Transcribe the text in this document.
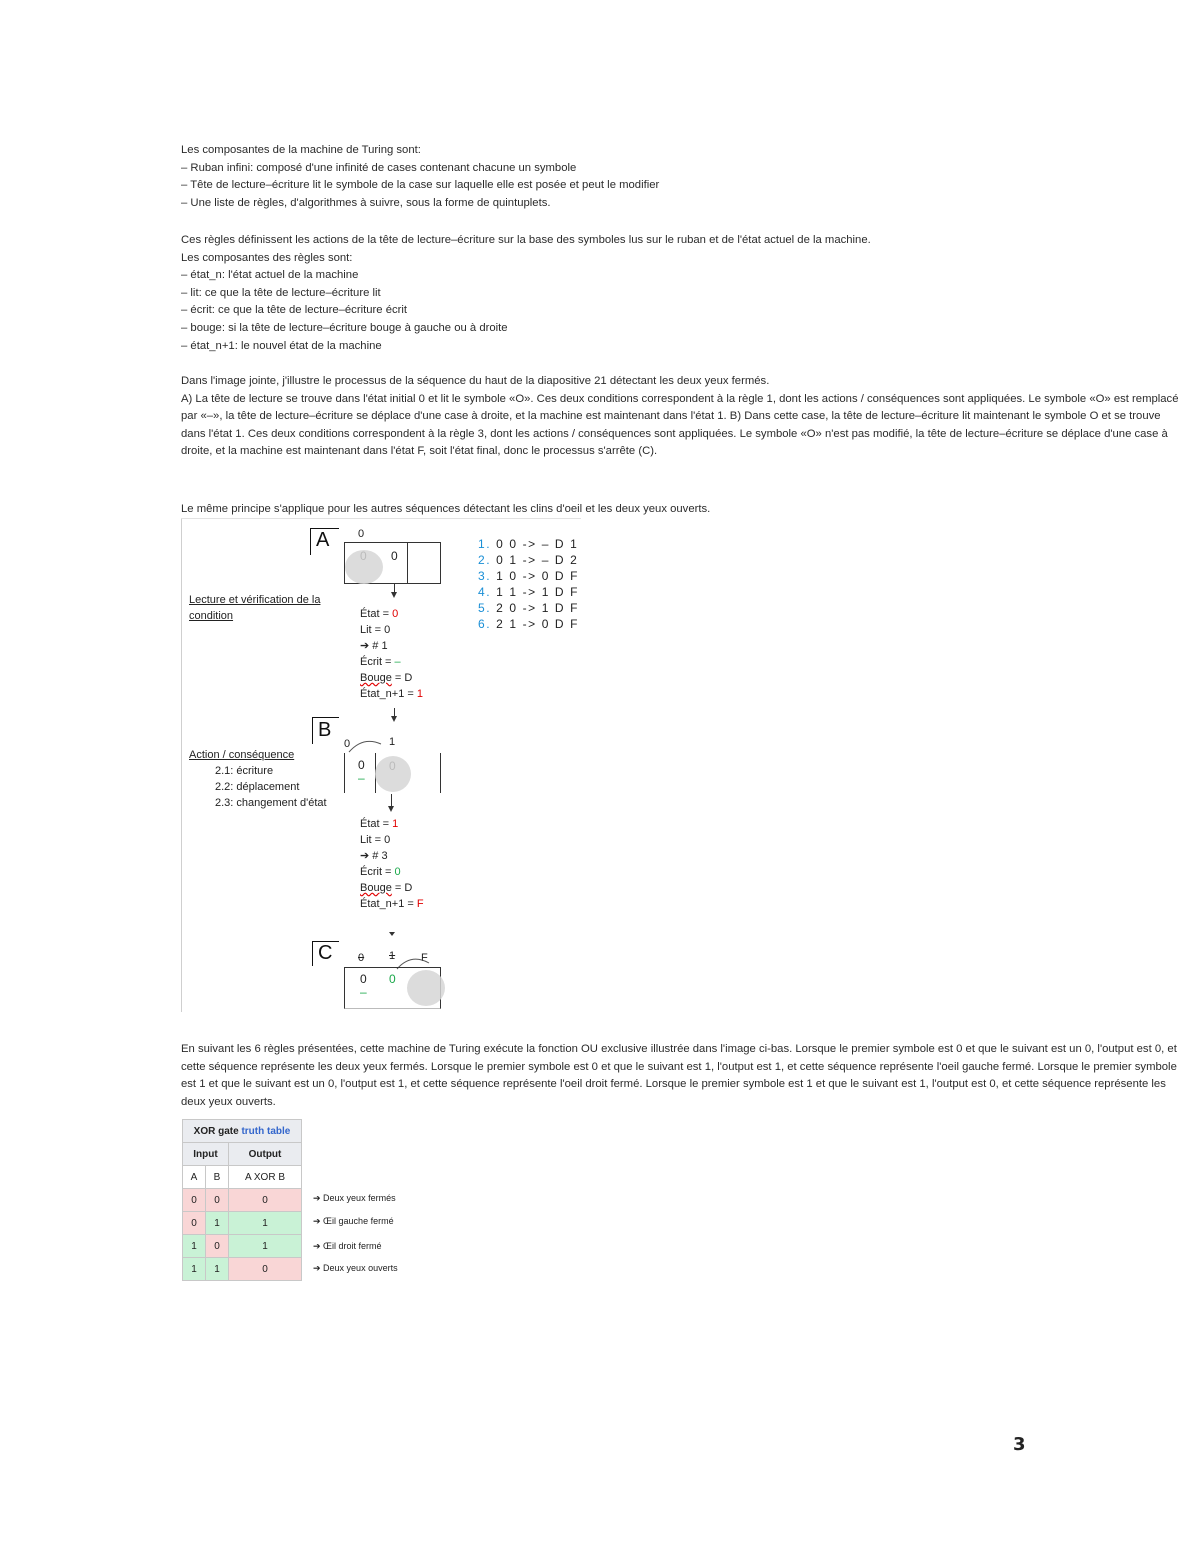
Les composantes de la machine de Turing sont:
– Ruban infini: composé d'une infinité de cases contenant chacune un symbole
– Tête de lecture–écriture lit le symbole de la case sur laquelle elle est posée et peut le modifier
– Une liste de règles, d'algorithmes à suivre, sous la forme de quintuplets.
Ces règles définissent les actions de la tête de lecture–écriture sur la base des symboles lus sur le ruban et de l'état actuel de la machine.
Les composantes des règles sont:
– état_n: l'état actuel de la machine
– lit: ce que la tête de lecture–écriture lit
– écrit: ce que la tête de lecture–écriture écrit
– bouge: si la tête de lecture–écriture bouge à gauche ou à droite
– état_n+1: le nouvel état de la machine
Dans l'image jointe, j'illustre le processus de la séquence du haut de la diapositive 21 détectant les deux yeux fermés.
A) La tête de lecture se trouve dans l'état initial 0 et lit le symbole «O». Ces deux conditions correspondent à la règle 1, dont les actions / conséquences sont appliquées. Le symbole «O» est remplacé par «–», la tête de lecture–écriture se déplace d'une case à droite, et la machine est maintenant dans l'état 1. B) Dans cette case, la tête de lecture–écriture lit maintenant le symbole O et se trouve dans l'état 1. Ces deux conditions correspondent à la règle 3, dont les actions / conséquences sont appliquées. Le symbole «O» n'est pas modifié, la tête de lecture–écriture se déplace d'une case à droite, et la machine est maintenant dans l'état F, soit l'état final, donc le processus s'arrête (C).
Le même principe s'applique pour les autres séquences détectant les clins d'oeil et les deux yeux ouverts.
A	0
0
Lecture et vérification de la condition	État = 0
Lit = 0
➔ # 1
Écrit = –
Bouge = D
État_n+1 = 1
B
0	1
0
–
Action / conséquence
2.1: écriture
2.2: déplacement
2.3: changement d'état
État = 1
Lit = 0
➔ # 3
Écrit = 0
Bouge = D
État_n+1 = F
C 0 1 F
0
–
0
1. 0 0 -> – D 1
2. 0 1 -> – D 2
3. 1 0 -> 0 D F
4. 1 1 -> 1 D F
5. 2 0 -> 1 D F
6. 2 1 -> 0 D F
En suivant les 6 règles présentées, cette machine de Turing exécute la fonction OU exclusive illustrée dans l'image ci-bas. Lorsque le premier symbole est 0 et que le suivant est un 0, l'output est 0, et cette séquence représente les deux yeux fermés. Lorsque le premier symbole est 0 et que le suivant est 1, l'output est 1, et cette séquence représente l'oeil gauche fermé. Lorsque le premier symbole est 1 et que le suivant est un 0, l'output est 1, et cette séquence représente l'oeil droit fermé. Lorsque le premier symbole est 1 et que le suivant est 1, l'output est 0, et cette séquence représente les deux yeux ouverts.
XOR gate truth table		
Input		Output
A	B	A XOR B
0	0	0
0	1	1
1	0	1
1	1	0
➔ Deux yeux fermés
➔ Œil gauche fermé
➔ Œil droit fermé
➔ Deux yeux ouverts
3
